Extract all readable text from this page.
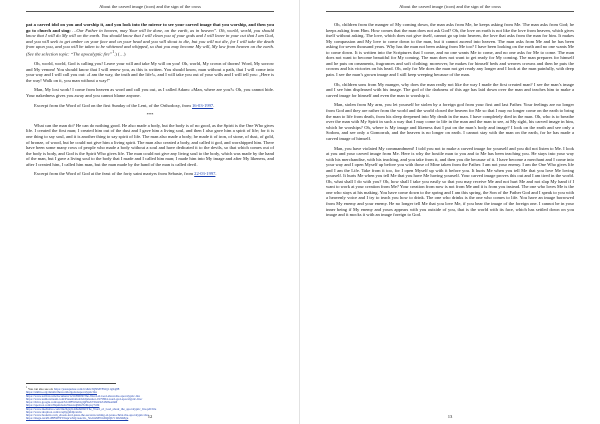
About the carved image (icon) and the sign of the cross

pat a carved idol on you and worship it, and you look into the mirror to see your carved image that you worship, and then you go to church and sing: …Our Father in heaven, may Your will be done, on the earth, as in heaven”. Oh, world, world, you should know that I will do My will on the earth. You should know that I will clean you of your gods and I will leave in your cut that I am God, and you will seek to get amber on your face and on your head and you will shout to die, but you will not die, for I will take the death from upon you, and you will be taken to be whitened and whipped, so that you may become My will, My law from heaven on the earth. (See the selection topic: “The apocalyptic fire”$^1$.) (…)

Oh, world, world, God is calling you! Leave your will and take My will on you! Oh, world, My crown of thorns! Word, My sorrow and My venom! You should know that I will renew you, as this is written. You should know, man without a path, that I will come into your way and I will call you out: «I am the way, the truth and the life!», and I will take you out of your wills and I will tell you: „Here is the way! Walk on it, you man without a way!”

Man, My lost work! I come from heaven as word and call you out, as I called Adam: «Man, where are you?» Oh, you cannot hide. Your nakedness gives you away and you cannot blame anyone.

Excerpt from the Word of God on the first Sunday of the Lent, of the Orthodoxy, from 16-03-1997.

***

What can the man do? He can do nothing good. He also made a body, but the body is of no good, as the Spirit is the One Who gives life. I created the first man; I created him out of the dust and I gave him a living soul, and then I also gave him a spirit of life; for it is one thing to say soul, and it is another thing to say spirit of life. The man also made a body; he made it of iron, of stone, of dust, of gold, of bronze, of wood, but he could not give him a living spirit. The man also created a body, and called it god, and worshipped him. There have been some many rows of people who made a body without a soul and have dedicated it to the devils, so that which comes out of the body is body, and God is the Spirit Who gives life. The man could not give any living soul to the body, which was made by the hand of the man, but I gave a living soul to the body that I made and I called him man; I made him into My image and after My likeness, and after I created him, I called him man, but the man made by the hand of the man is called devil.

Excerpt from the Word of God at the feast of the forty saint martyrs from Sebaste, from 22-03-1997.

$^1$ You can also see on: https://jesuspulsar.com/tvshm/JQNMT8Wg11gKg88
https://anthro.org/details/theworldofgodonapocalypticfire
https://www.scribd.com/document/121186009/The-Word-of-God-about-the-apocalyptic-fire
https://www.authorstream.com/Presentation/feldjeleanor-1975804-word-god-apocalyptic-fire/
https://drive.google.com/open?id=0BW9e61gQPbwbT0xiZ2Z4S0hsamM
https://spe.box.com/s/8zpm4wda7tkzcu4j99a7fzhlqwy7ri6l
https://www.mediafire.com/file/6gzyb4r6uh6b9l/The_Word_of_God_about_the_apocalyptic_fire.pdf/file
https://www.dropbox.com/s/aq6ygnb9p/anfw
https://www.bookrix.com_ebook-lord-jesus-the-second-coming-of-jesus-christ-the-apocalyptic-fire
https://mega.nz/#!LtHBSHY5!hsprwXQ1sAz1G_SGfri2MWnDQOjU5 blhJ4Mgu	12
About the carved image (icon) and the sign of the cross

Oh, children from the manger of My coming down, the man asks from Me, he keeps asking from Me. The man asks from God; he keeps asking from Him. How comes that the man does not ask God? Oh, the love on earth is not like the love from heaven, which gives itself without asking. The love, which does not give itself, cannot go up into heaven, the love that asks from the man for him. It makes My compassion and My love to come down to the man, but it cannot ascend into heaven. The man asks from Me and he has been asking for seven thousand years. Why has the man not been asking from Me too? I have been looking on the earth and no one wants Me to come down. It is written into the Scriptures that I come, and no one wants Me to come, and no one asks for Me to come. The man does not want to become beautiful for My coming. The man does not want to get ready for My coming. The man prepares for himself and he puts on ornaments, fragrances and soft clothing; moreover, he makes for himself beds and weaves crowns and then he puts the crowns and his victories on his head. Oh, only for Me does the man not get ready any longer and I look at the man painfully, with deep pain. I see the man’s grown image and I still keep weeping because of the man.

Oh, children sons from My manger, why does the man really not like the way I made the first created man? I see the man’s image and I see him displeased with his image. The god of the darkness of this age has laid down over the man and teaches him to make a carved image for himself and even the man to worship it.

Man, stolen from My arm, you let yourself be stolen by a foreign god from your first and last Father. Your feelings are no longer from God and they are rather from the world and the world closed the heaven for Me so that I may no longer come on the earth to bring the man to life from death, from his sleep deepened into My death in the man. I have completely died in the man. Oh, who is to breathe over the man with My Spirit in such a way that I may come to life in the man and the man to see, at My sight, his carved image in him, which he worships? Oh, where is My image and likeness that I put on the man’s body and image? I look on the earth and see only a Sodom, and see only a Gomorrah, and the heaven is no longer on earth. I cannot stay with the man on the earth, for he has made a carved image of himself.

Man, you have violated My commandment! I told you not to make a carved image for yourself and you did not listen to Me. I look at you and your carved image from Me. Here is why the hostile man to you and to Me has been teaching you. He stays into your way with his merchandise, with his teaching, and you take from it, and then you die because of it. I have become a merchant and I come into your way and I open Myself up before you with those of Mine taken from the Father. I am not your enemy. I am the One Who gives life and I am the Life. Take from it too, for I open Myself up with it before you. It hurts Me when you tell Me that you love Me loving yourself. It hurts Me when you tell Me that you have Me having yourself. Your carved image proves this out and I am tired in the world. Oh, what shall I do with you? Oh, how shall I take you easily so that you may receive Me and not hurt Me and not slap My hand if I want to work at your creation from Me? Your creation from now is not from Me and it is from you instead. The one who loves Me is the one who stays at his making. You have come down to the spring and I am this spring, the Son of the Father God and I speak to you with a heavenly voice and I try to teach you how to drink. The one who drinks is the one who comes to life. You have an image borrowed from My enemy and your enemy. He no longer tell Me that you love Me, if you bear the image of the foreign one. I cannot be in your inner being if My enemy and yours appears with you outside of you, that is the world with its face, which has settled down on you image and it mocks it with an image foreign to God.

13
